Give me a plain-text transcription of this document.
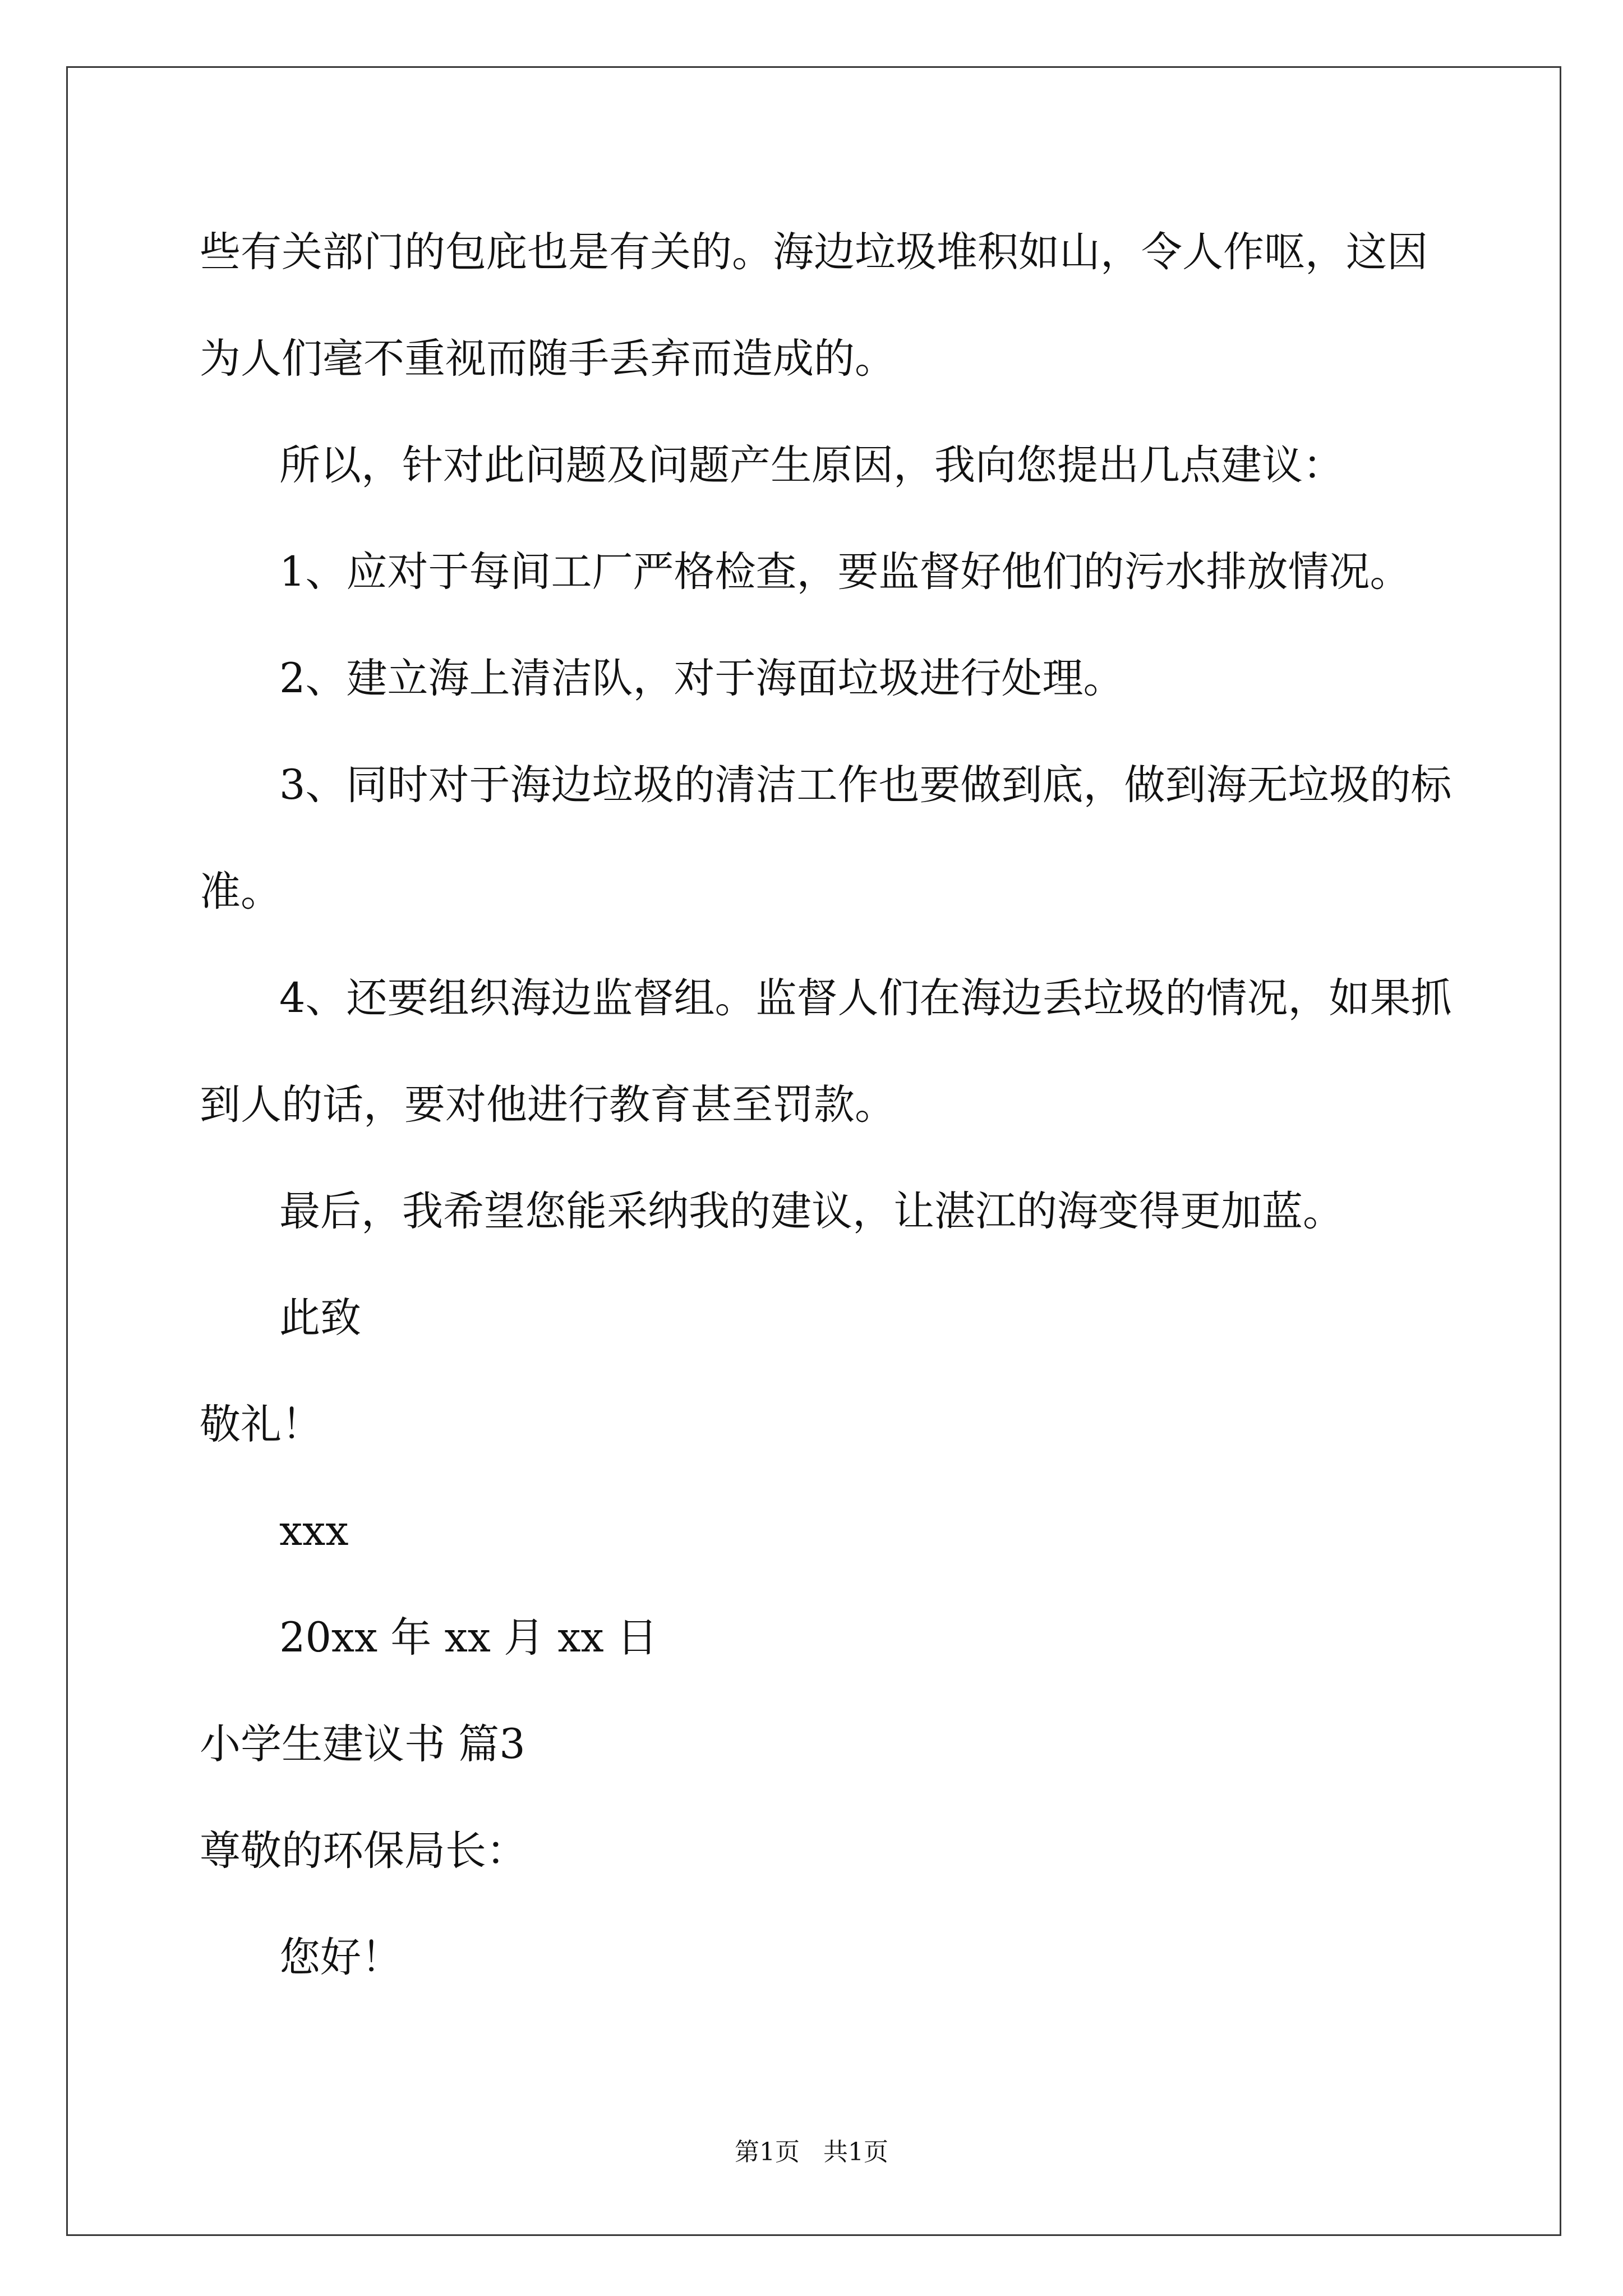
些有关部门的包庇也是有关的。海边垃圾堆积如山，令人作呕，这因
为人们毫不重视而随手丢弃而造成的。
所以，针对此问题及问题产生原因，我向您提出几点建议：
1、应对于每间工厂严格检查，要监督好他们的污水排放情况。
2、建立海上清洁队，对于海面垃圾进行处理。
3、同时对于海边垃圾的清洁工作也要做到底，做到海无垃圾的标
准。
4、还要组织海边监督组。监督人们在海边丢垃圾的情况，如果抓
到人的话，要对他进行教育甚至罚款。
最后，我希望您能采纳我的建议，让湛江的海变得更加蓝。
此致
敬礼！
xxx
20xx 年 xx 月 xx 日
小学生建议书 篇3
尊敬的环保局长：
您好！
第1页 共1页
